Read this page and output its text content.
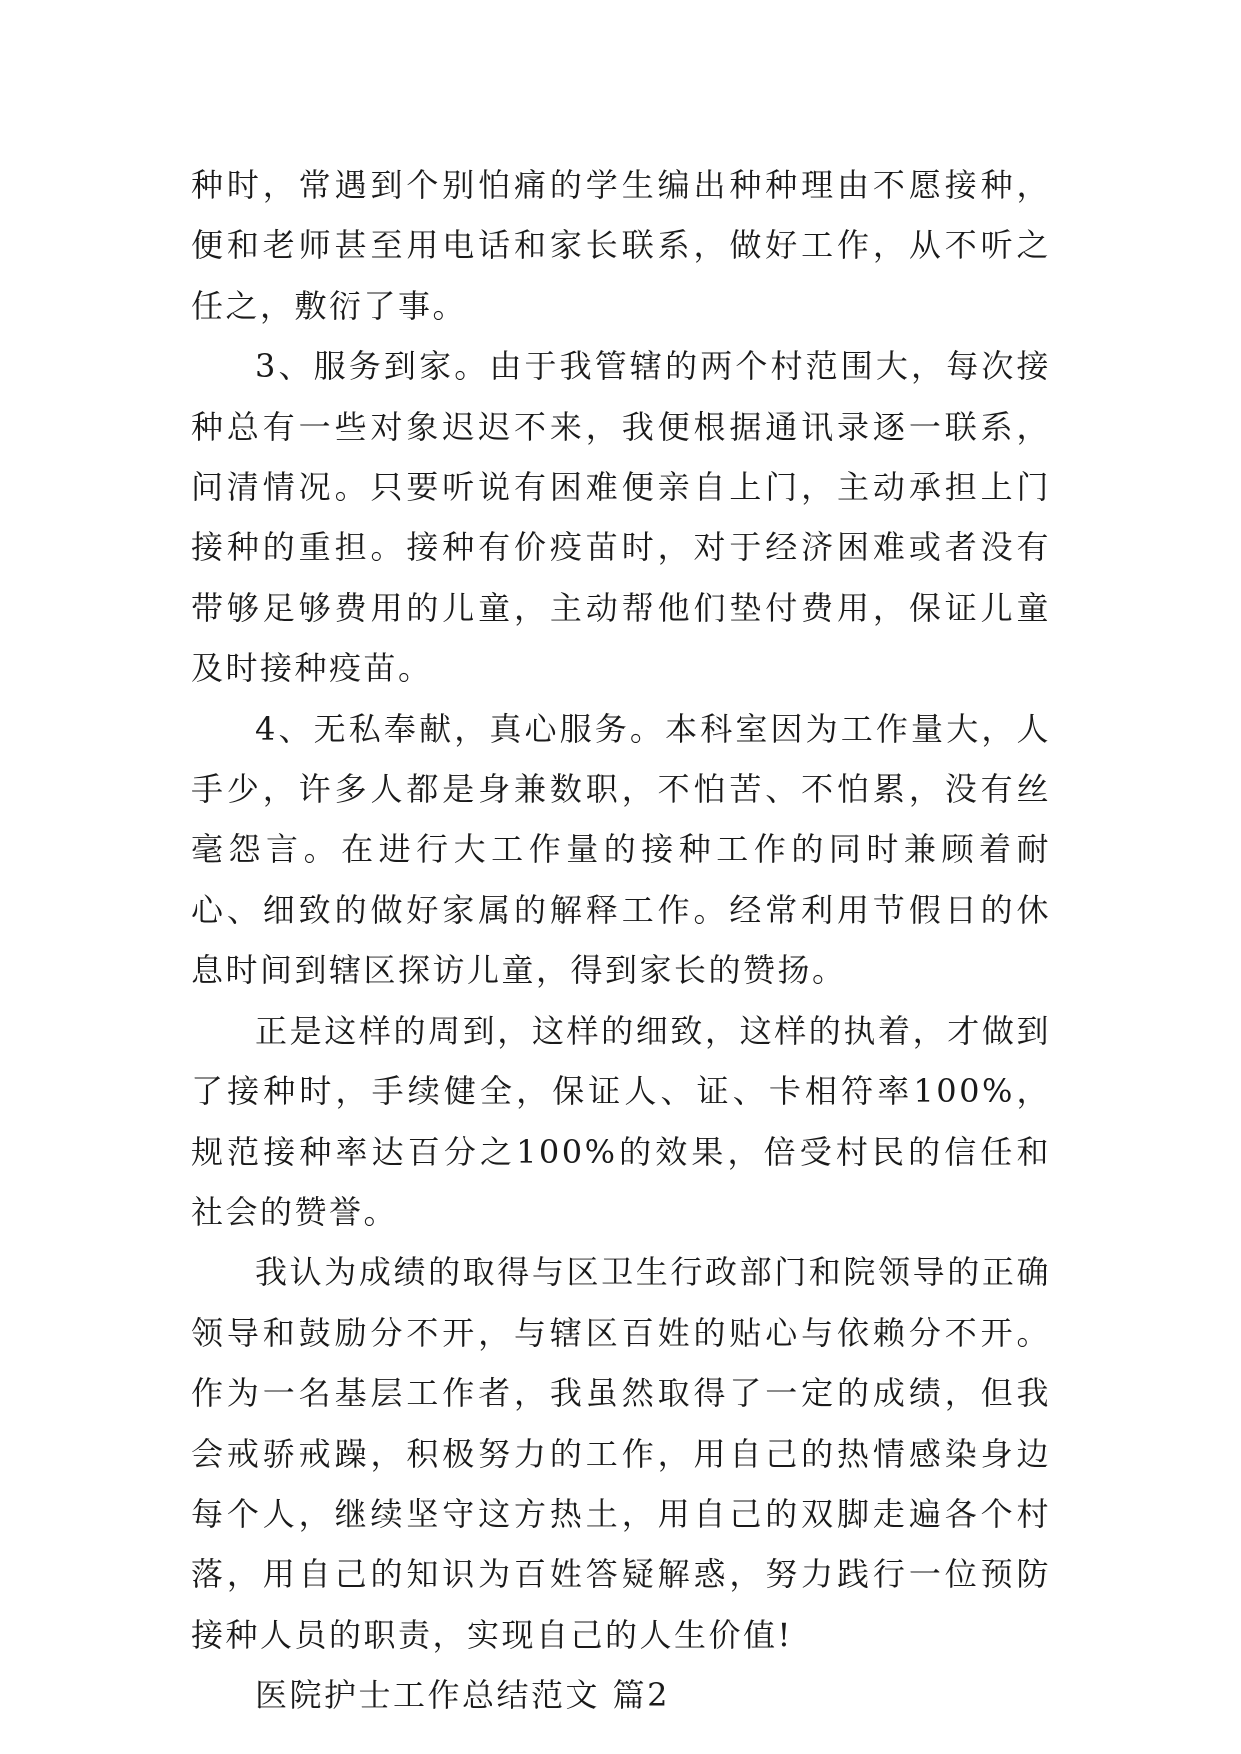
种时，常遇到个别怕痛的学生编出种种理由不愿接种，便和老师甚至用电话和家长联系，做好工作，从不听之任之，敷衍了事。

3、服务到家。由于我管辖的两个村范围大，每次接种总有一些对象迟迟不来，我便根据通讯录逐一联系，问清情况。只要听说有困难便亲自上门，主动承担上门接种的重担。接种有价疫苗时，对于经济困难或者没有带够足够费用的儿童，主动帮他们垫付费用，保证儿童及时接种疫苗。

4、无私奉献，真心服务。本科室因为工作量大，人手少，许多人都是身兼数职，不怕苦、不怕累，没有丝毫怨言。在进行大工作量的接种工作的同时兼顾着耐心、细致的做好家属的解释工作。经常利用节假日的休息时间到辖区探访儿童，得到家长的赞扬。

正是这样的周到，这样的细致，这样的执着，才做到了接种时，手续健全，保证人、证、卡相符率100%，规范接种率达百分之100%的效果，倍受村民的信任和社会的赞誉。

我认为成绩的取得与区卫生行政部门和院领导的正确领导和鼓励分不开，与辖区百姓的贴心与依赖分不开。作为一名基层工作者，我虽然取得了一定的成绩，但我会戒骄戒躁，积极努力的工作，用自己的热情感染身边每个人，继续坚守这方热土，用自己的双脚走遍各个村落，用自己的知识为百姓答疑解惑，努力践行一位预防接种人员的职责，实现自己的人生价值!

医院护士工作总结范文 篇2
